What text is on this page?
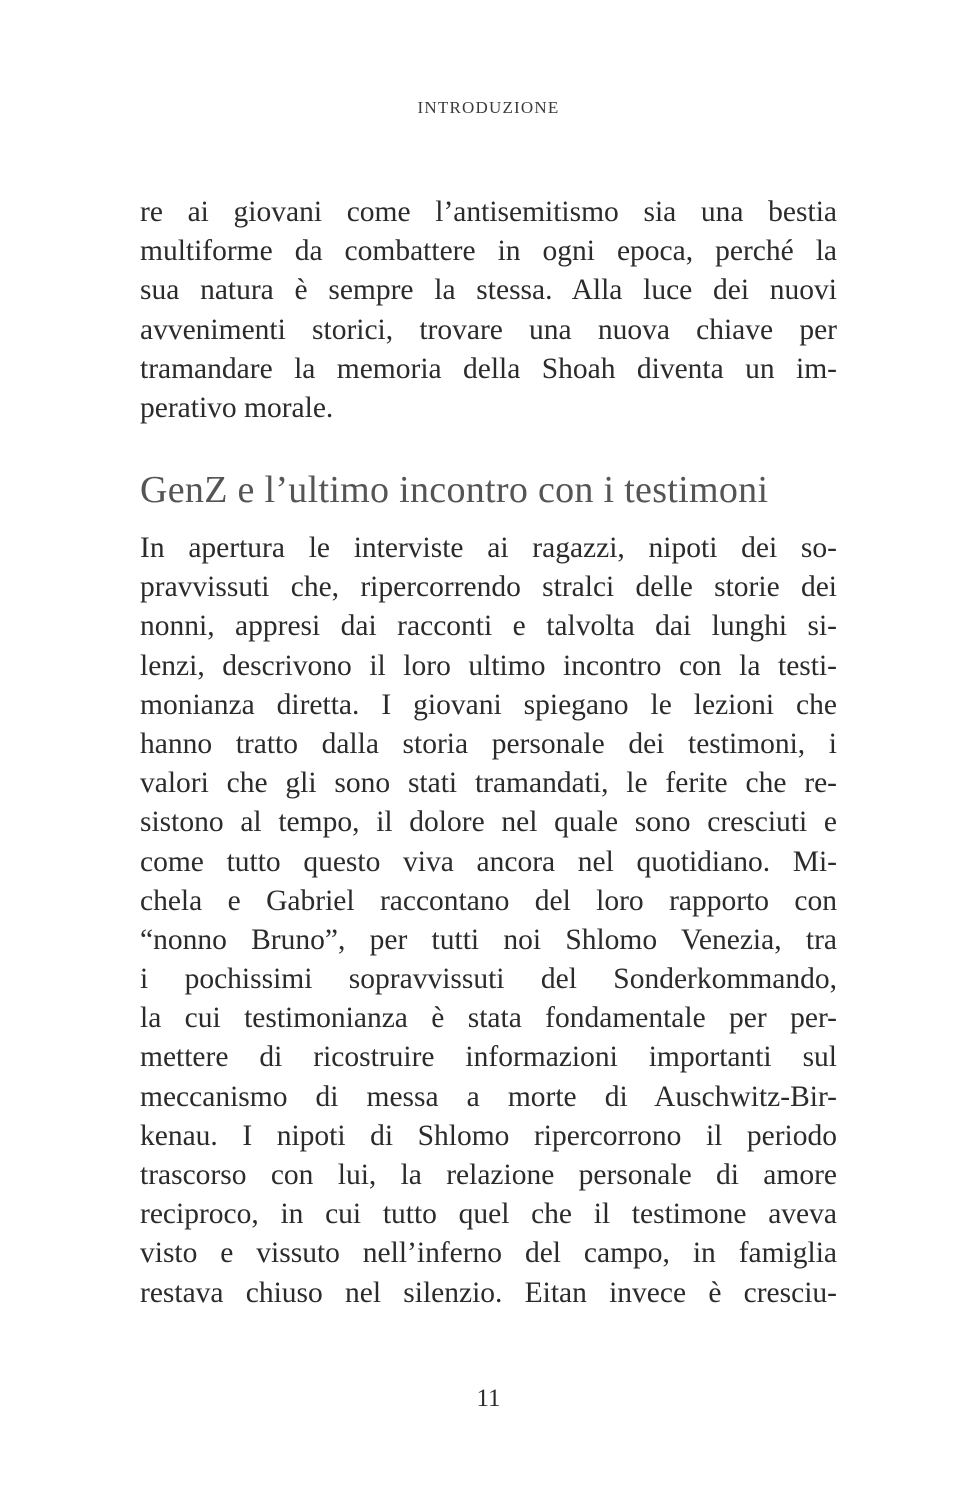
INTRODUZIONE
re ai giovani come l’antisemitismo sia una bestia
multiforme da combattere in ogni epoca, perché la
sua natura è sempre la stessa. Alla luce dei nuovi
avvenimenti storici, trovare una nuova chiave per
tramandare la memoria della Shoah diventa un im-
perativo morale.
GenZ e l’ultimo incontro con i testimoni
In apertura le interviste ai ragazzi, nipoti dei so-
pravvissuti che, ripercorrendo stralci delle storie dei
nonni, appresi dai racconti e talvolta dai lunghi si-
lenzi, descrivono il loro ultimo incontro con la testi-
monianza diretta. I giovani spiegano le lezioni che
hanno tratto dalla storia personale dei testimoni, i
valori che gli sono stati tramandati, le ferite che re-
sistono al tempo, il dolore nel quale sono cresciuti e
come tutto questo viva ancora nel quotidiano. Mi-
chela e Gabriel raccontano del loro rapporto con
“nonno Bruno”, per tutti noi Shlomo Venezia, tra
i pochissimi sopravvissuti del Sonderkommando,
la cui testimonianza è stata fondamentale per per-
mettere di ricostruire informazioni importanti sul
meccanismo di messa a morte di Auschwitz-Bir-
kenau. I nipoti di Shlomo ripercorrono il periodo
trascorso con lui, la relazione personale di amore
reciproco, in cui tutto quel che il testimone aveva
visto e vissuto nell’inferno del campo, in famiglia
restava chiuso nel silenzio. Eitan invece è cresciu-
11
